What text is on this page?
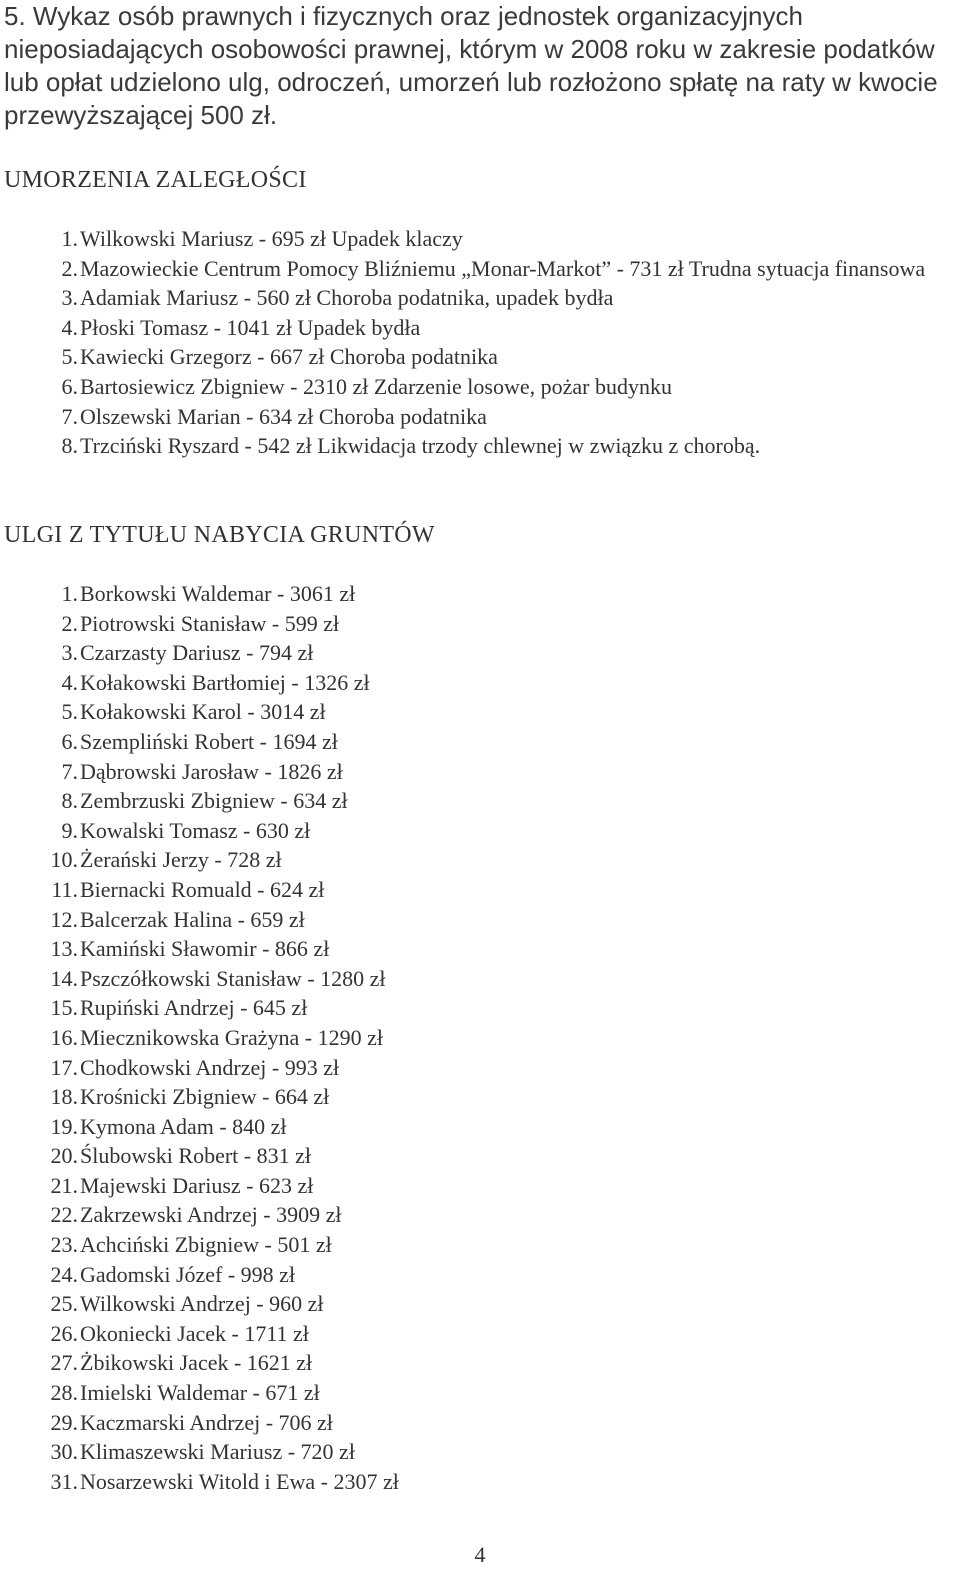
5. Wykaz osób prawnych i fizycznych oraz jednostek organizacyjnych nieposiadających osobowości prawnej, którym w 2008 roku w zakresie podatków lub opłat udzielono ulg, odroczeń, umorzeń lub rozłożono spłatę na raty w kwocie przewyższającej 500 zł.

UMORZENIA ZALEGŁOŚCI
1. Wilkowski Mariusz - 695 zł Upadek klaczy
2. Mazowieckie Centrum Pomocy Bliźniemu „Monar-Markot” - 731 zł Trudna sytuacja finansowa
3. Adamiak Mariusz - 560 zł Choroba podatnika, upadek bydła
4. Płoski Tomasz - 1041 zł Upadek bydła
5. Kawiecki Grzegorz - 667 zł Choroba podatnika
6. Bartosiewicz Zbigniew - 2310 zł Zdarzenie losowe, pożar budynku
7. Olszewski Marian - 634 zł Choroba podatnika
8. Trzciński Ryszard - 542 zł Likwidacja trzody chlewnej w związku z chorobą.
ULGI Z TYTUŁU NABYCIA GRUNTÓW
1. Borkowski Waldemar - 3061 zł
2. Piotrowski Stanisław - 599 zł
3. Czarzasty Dariusz - 794 zł
4. Kołakowski Bartłomiej - 1326 zł
5. Kołakowski Karol - 3014 zł
6. Szempliński Robert - 1694 zł
7. Dąbrowski Jarosław - 1826 zł
8. Zembrzuski Zbigniew - 634 zł
9. Kowalski Tomasz - 630 zł
10. Żerański Jerzy - 728 zł
11. Biernacki Romuald - 624 zł
12. Balcerzak Halina - 659 zł
13. Kamiński Sławomir - 866 zł
14. Pszczółkowski Stanisław - 1280 zł
15. Rupiński Andrzej - 645 zł
16. Miecznikowska Grażyna - 1290 zł
17. Chodkowski Andrzej - 993 zł
18. Krośnicki Zbigniew - 664 zł
19. Kymona Adam - 840 zł
20. Ślubowski Robert - 831 zł
21. Majewski Dariusz - 623 zł
22. Zakrzewski Andrzej - 3909 zł
23. Achciński Zbigniew - 501 zł
24. Gadomski Józef - 998 zł
25. Wilkowski Andrzej - 960 zł
26. Okoniecki Jacek - 1711 zł
27. Żbikowski Jacek - 1621 zł
28. Imielski Waldemar - 671 zł
29. Kaczmarski Andrzej - 706 zł
30. Klimaszewski Mariusz - 720 zł
31. Nosarzewski Witold i Ewa - 2307 zł
4
